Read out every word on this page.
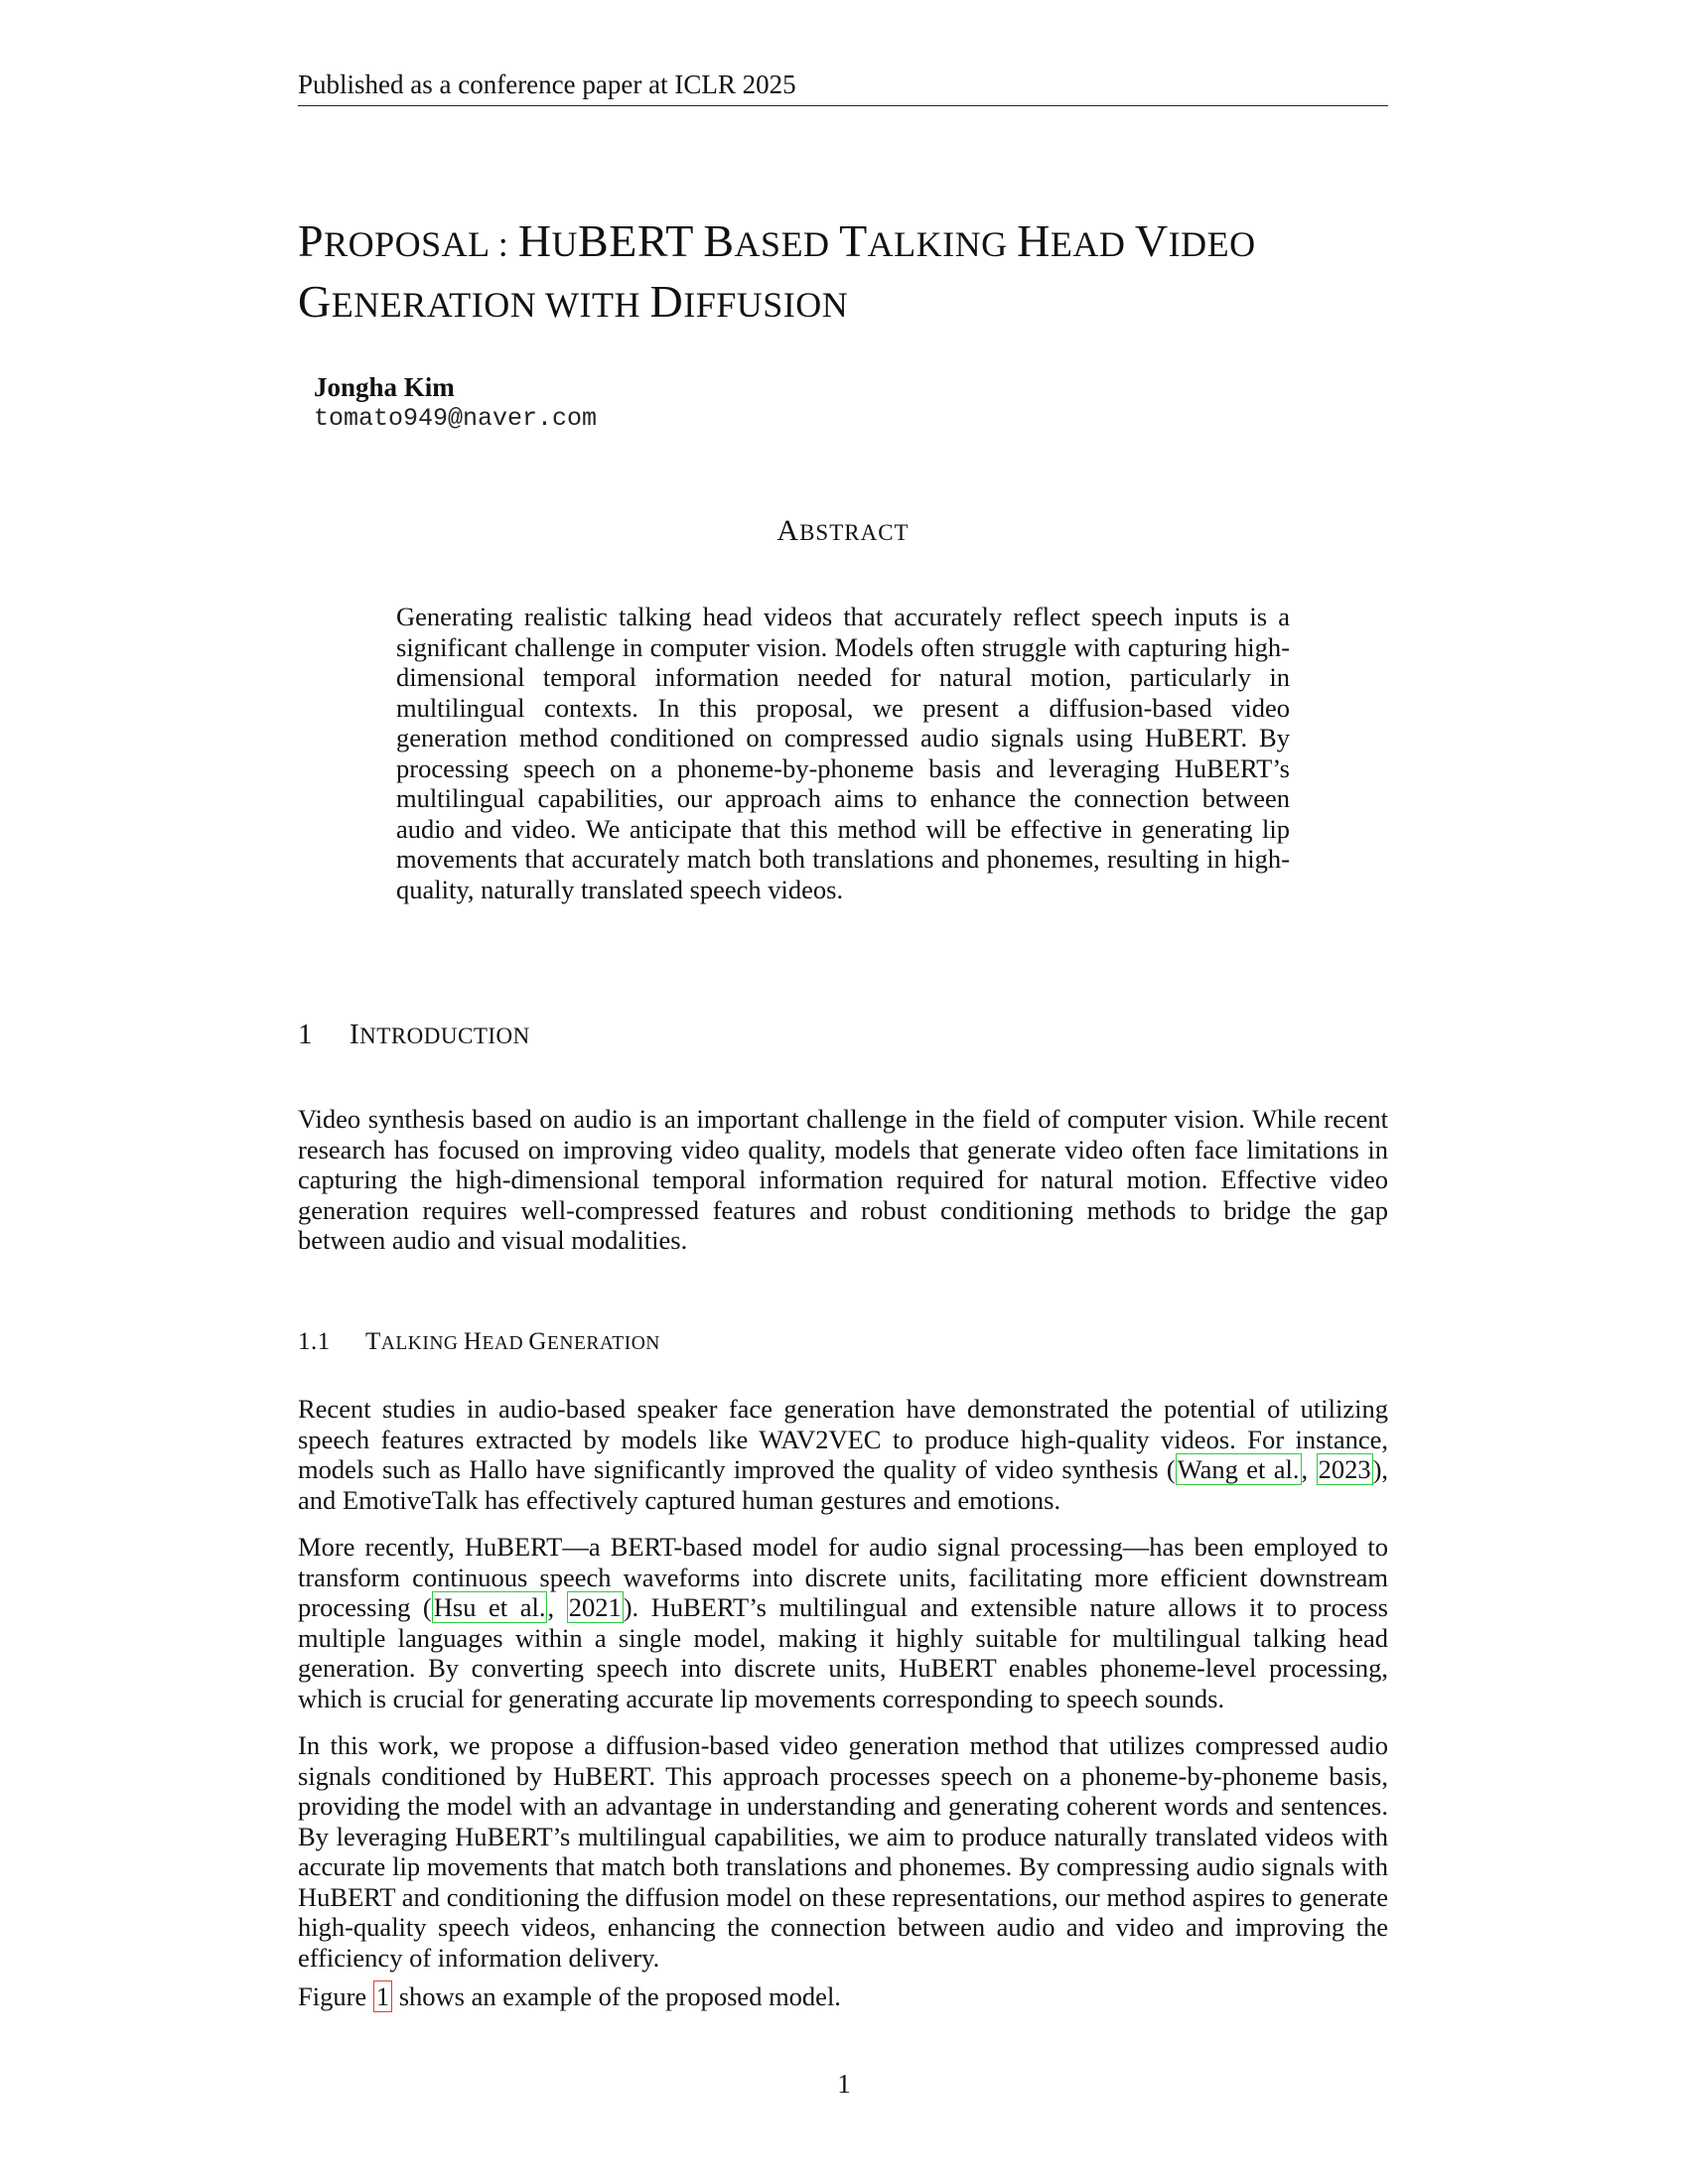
Published as a conference paper at ICLR 2025
PROPOSAL : HUBERT BASED TALKING HEAD VIDEO
GENERATION WITH DIFFUSION
Jongha Kim
tomato949@naver.com
ABSTRACT
Generating realistic talking head videos that accurately reflect speech inputs is a significant challenge in computer vision. Models often struggle with capturing high-dimensional temporal information needed for natural motion, particularly in multilingual contexts. In this proposal, we present a diffusion-based video generation method conditioned on compressed audio signals using HuBERT. By processing speech on a phoneme-by-phoneme basis and leveraging HuBERT’s multilingual capabilities, our approach aims to enhance the connection between audio and video. We anticipate that this method will be effective in generating lip movements that accurately match both translations and phonemes, resulting in high-quality, naturally translated speech videos.
1 INTRODUCTION
Video synthesis based on audio is an important challenge in the field of computer vision. While recent research has focused on improving video quality, models that generate video often face limitations in capturing the high-dimensional temporal information required for natural motion. Effective video generation requires well-compressed features and robust conditioning methods to bridge the gap between audio and visual modalities.
1.1 TALKING HEAD GENERATION

Recent studies in audio-based speaker face generation have demonstrated the potential of utilizing speech features extracted by models like WAV2VEC to produce high-quality videos. For instance, models such as Hallo have significantly improved the quality of video synthesis (Wang et al., 2023), and EmotiveTalk has effectively captured human gestures and emotions.

More recently, HuBERT—a BERT-based model for audio signal processing—has been employed to transform continuous speech waveforms into discrete units, facilitating more efficient downstream processing (Hsu et al., 2021). HuBERT’s multilingual and extensible nature allows it to process multiple languages within a single model, making it highly suitable for multilingual talking head generation. By converting speech into discrete units, HuBERT enables phoneme-level processing, which is crucial for generating accurate lip movements corresponding to speech sounds.

In this work, we propose a diffusion-based video generation method that utilizes compressed audio signals conditioned by HuBERT. This approach processes speech on a phoneme-by-phoneme basis, providing the model with an advantage in understanding and generating coherent words and sentences. By leveraging HuBERT’s multilingual capabilities, we aim to produce naturally translated videos with accurate lip movements that match both translations and phonemes. By compressing audio signals with HuBERT and conditioning the diffusion model on these representations, our method aspires to generate high-quality speech videos, enhancing the connection between audio and video and improving the efficiency of information delivery.

Figure 1 shows an example of the proposed model.

1
